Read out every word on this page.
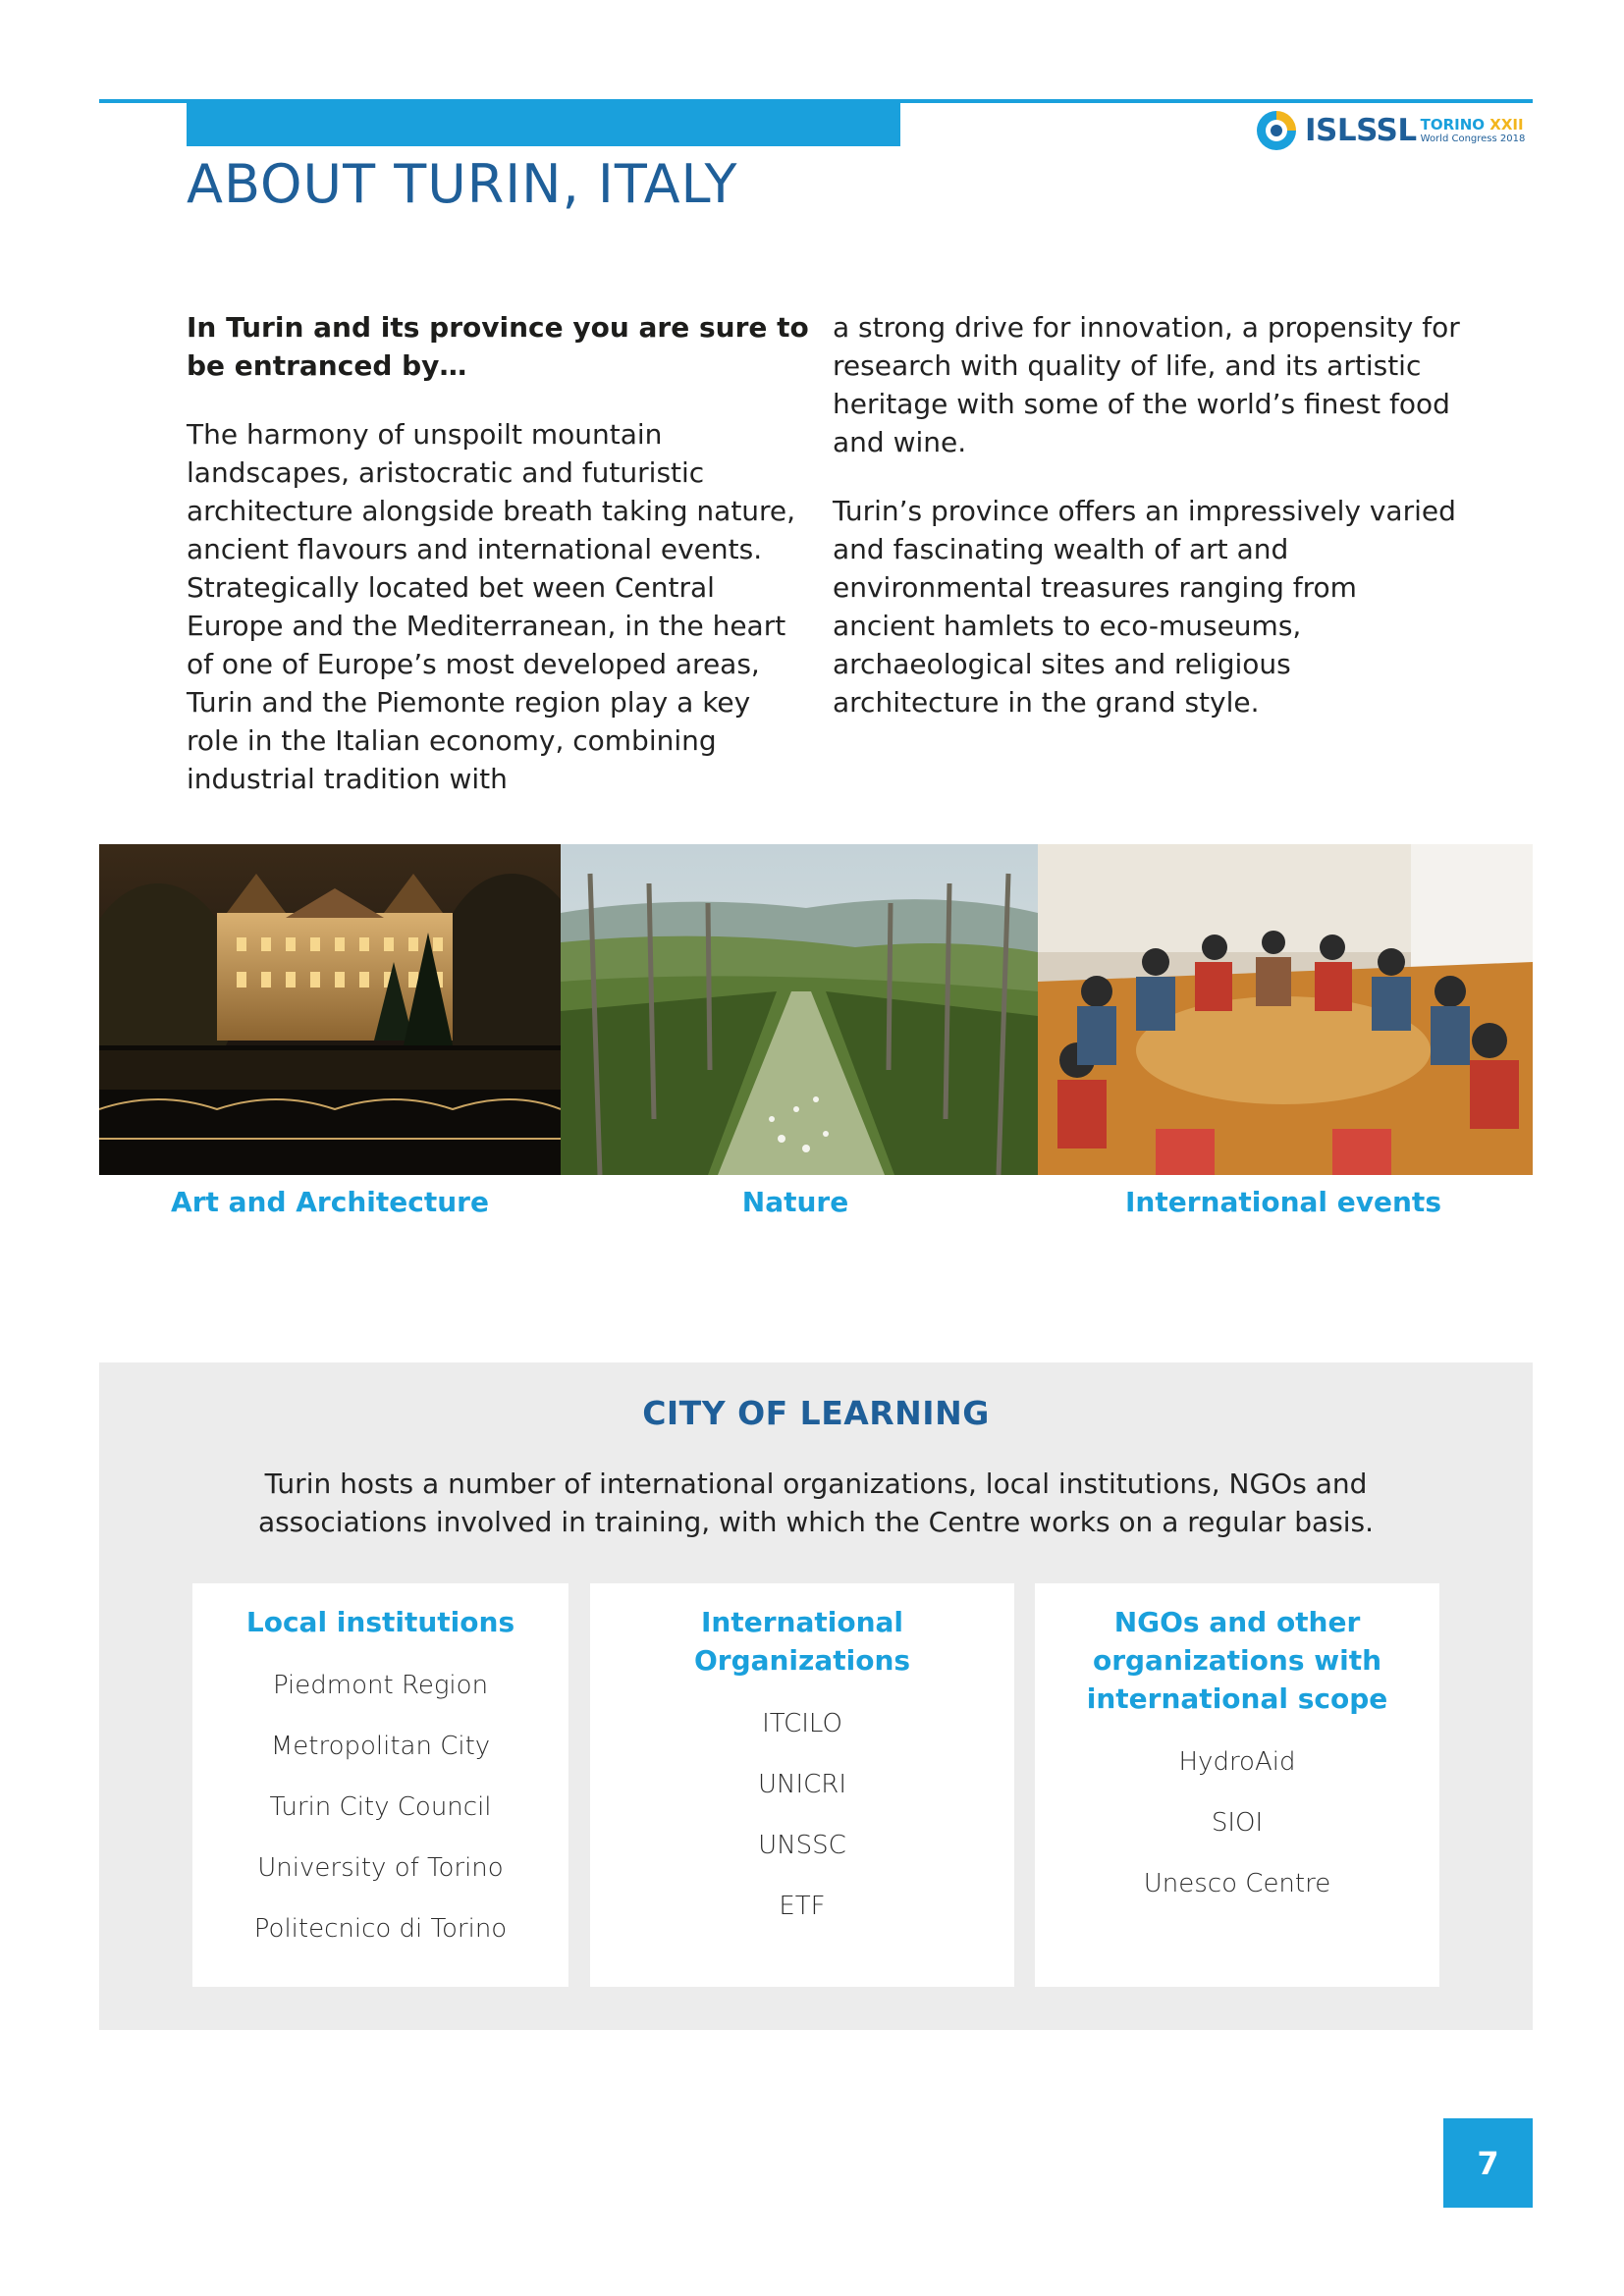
ABOUT TURIN, ITALY
ISLSSL TORINO XXII
World Congress 2018

In Turin and its province you are sure to be entranced by…

The harmony of unspoilt mountain landscapes, aristocratic and futuristic architecture alongside breath taking nature, ancient flavours and international events. Strategically located bet ween Central Europe and the Mediterranean, in the heart of one of Europe’s most developed areas, Turin and the Piemonte region play a key role in the Italian economy, combining industrial tradition with

a strong drive for innovation, a propensity for research with quality of life, and its artistic heritage with some of the world’s finest food and wine.

Turin’s province offers an impressively varied and fascinating wealth of art and environmental treasures ranging from ancient hamlets to eco-museums, archaeological sites and religious architecture in the grand style.

Art and Architecture	Nature	International events
CITY OF LEARNING
Turin hosts a number of international organizations, local institutions, NGOs and associations involved in training, with which the Centre works on a regular basis.
Local institutions
Piedmont Region
Metropolitan City
Turin City Council
University of Torino
Politecnico di Torino
International Organizations
ITCILO
UNICRI
UNSSC
ETF
NGOs and other organizations with international scope
HydroAid
SIOI
Unesco Centre
7
